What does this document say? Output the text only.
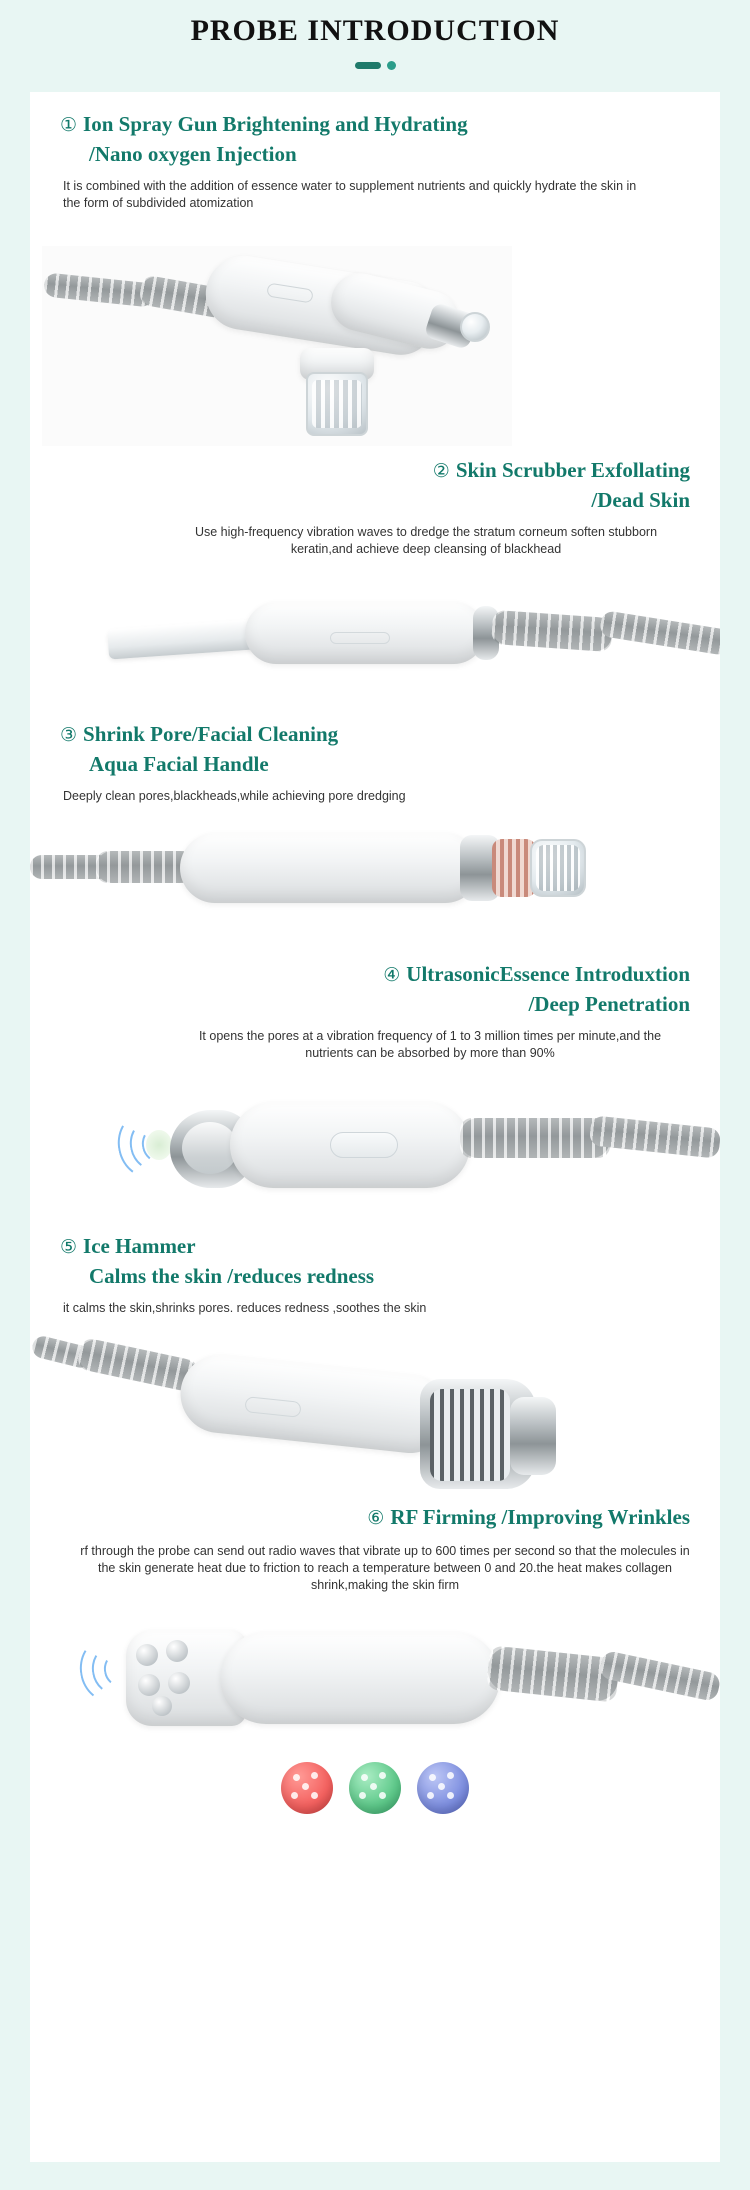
PROBE INTRODUCTION
① Ion Spray Gun Brightening and Hydrating
/Nano oxygen Injection
It is combined with the addition of essence water to supplement nutrients and quickly hydrate the skin in the form of subdivided atomization
② Skin Scrubber Exfollating
/Dead Skin
Use high-frequency vibration waves to dredge the stratum corneum soften stubborn keratin,and achieve deep cleansing of blackhead
③ Shrink Pore/Facial Cleaning
Aqua Facial Handle
Deeply clean pores,blackheads,while achieving pore dredging
④ UltrasonicEssence Introduxtion
/Deep Penetration
It opens the pores at a vibration frequency of 1 to 3 million times per minute,and the nutrients can be absorbed by more than 90%
⑤ Ice Hammer
Calms the skin /reduces redness
it calms the skin,shrinks pores. reduces redness ,soothes the skin
⑥ RF Firming /Improving Wrinkles
rf through the probe can send out radio waves that vibrate up to 600 times per second so that the molecules in the skin generate heat due to friction to reach a temperature between 0 and 20.the heat makes collagen shrink,making the skin firm
